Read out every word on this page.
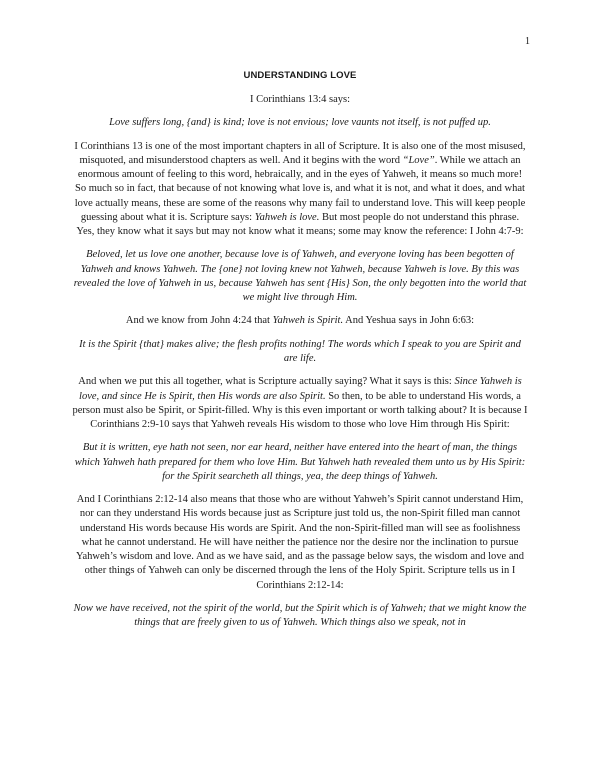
1
UNDERSTANDING LOVE

I Corinthians 13:4 says:

Love suffers long, {and} is kind; love is not envious; love vaunts not itself, is not puffed up.

I Corinthians 13 is one of the most important chapters in all of Scripture. It is also one of the most misused, misquoted, and misunderstood chapters as well. And it begins with the word “Love”. While we attach an enormous amount of feeling to this word, hebraically, and in the eyes of Yahweh, it means so much more! So much so in fact, that because of not knowing what love is, and what it is not, and what it does, and what love actually means, these are some of the reasons why many fail to understand love. This will keep people guessing about what it is. Scripture says: Yahweh is love. But most people do not understand this phrase. Yes, they know what it says but may not know what it means; some may know the reference: I John 4:7-9:

Beloved, let us love one another, because love is of Yahweh, and everyone loving has been begotten of Yahweh and knows Yahweh. The {one} not loving knew not Yahweh, because Yahweh is love. By this was revealed the love of Yahweh in us, because Yahweh has sent {His} Son, the only begotten into the world that we might live through Him.

And we know from John 4:24 that Yahweh is Spirit. And Yeshua says in John 6:63:

It is the Spirit {that} makes alive; the flesh profits nothing! The words which I speak to you are Spirit and are life.

And when we put this all together, what is Scripture actually saying? What it says is this: Since Yahweh is love, and since He is Spirit, then His words are also Spirit. So then, to be able to understand His words, a person must also be Spirit, or Spirit-filled. Why is this even important or worth talking about? It is because I Corinthians 2:9-10 says that Yahweh reveals His wisdom to those who love Him through His Spirit:

But it is written, eye hath not seen, nor ear heard, neither have entered into the heart of man, the things which Yahweh hath prepared for them who love Him. But Yahweh hath revealed them unto us by His Spirit: for the Spirit searcheth all things, yea, the deep things of Yahweh.

And I Corinthians 2:12-14 also means that those who are without Yahweh’s Spirit cannot understand Him, nor can they understand His words because just as Scripture just told us, the non-Spirit filled man cannot understand His words because His words are Spirit. And the non-Spirit-filled man will see as foolishness what he cannot understand. He will have neither the patience nor the desire nor the inclination to pursue Yahweh’s wisdom and love. And as we have said, and as the passage below says, the wisdom and love and other things of Yahweh can only be discerned through the lens of the Holy Spirit. Scripture tells us in I Corinthians 2:12-14:

Now we have received, not the spirit of the world, but the Spirit which is of Yahweh; that we might know the things that are freely given to us of Yahweh. Which things also we speak, not in
